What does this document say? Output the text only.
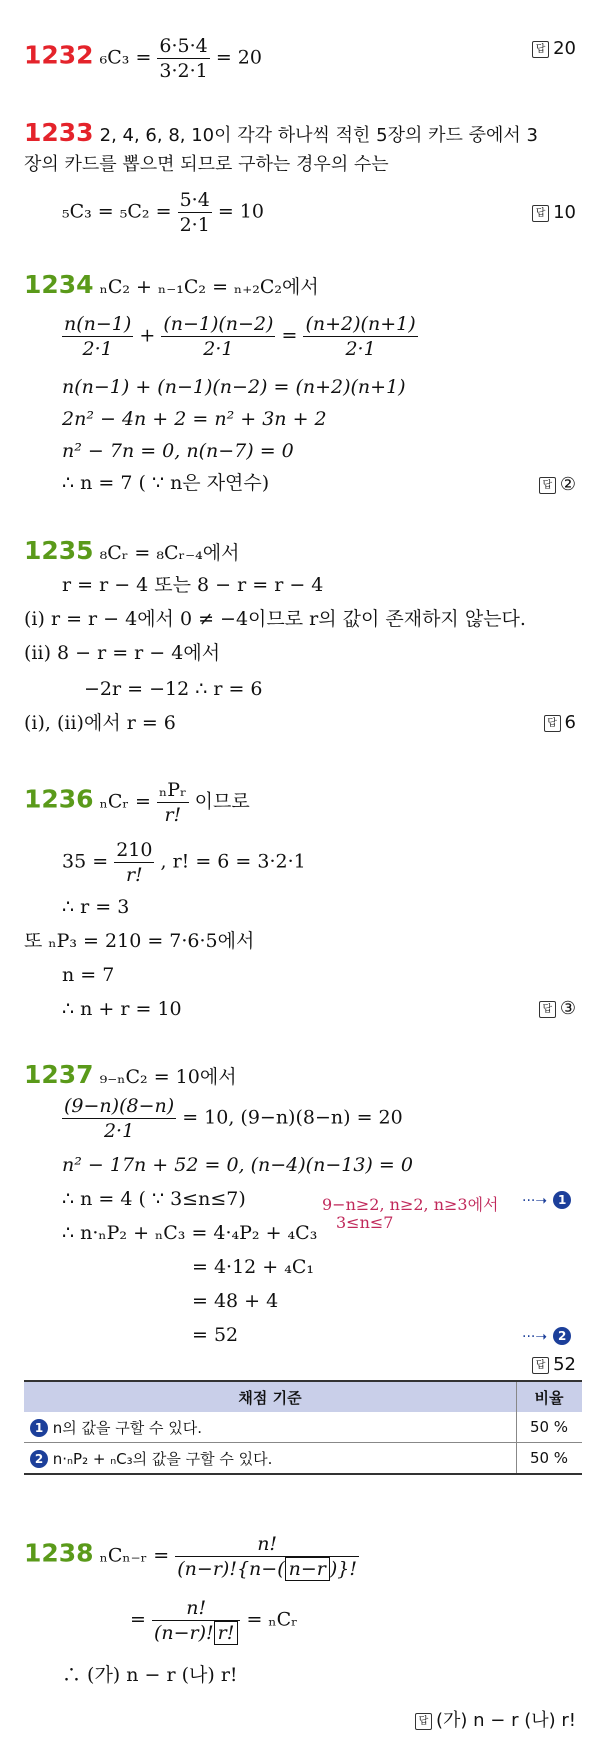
1232 $_6C_3 = \frac{6\cdot 5\cdot 4}{3\cdot 2\cdot 1} = 20$	답 20
1233 2, 4, 6, 8, 10이 각각 하나씩 적힌 5장의 카드 중에서 3
장의 카드를 뽑으면 되므로 구하는 경우의 수는
$_5C_3 = _5C_2 = \frac{5\cdot 4}{2\cdot 1} = 10$	답 10
1234 ₙC₂ + ₙ₋₁C₂ = ₙ₊₂C₂에서
$\frac{n(n-1)}{2\cdot 1} + \frac{(n-1)(n-2)}{2\cdot 1} = \frac{(n+2)(n+1)}{2\cdot 1}$
n(n−1) + (n−1)(n−2) = (n+2)(n+1)
2n² − 4n + 2 = n² + 3n + 2
n² − 7n = 0, n(n−7) = 0
∴ n = 7 ( ∵ n은 자연수)	답 ②
1235 ₈Cᵣ = ₈Cᵣ₋₄에서
r = r − 4 또는 8 − r = r − 4
(ⅰ) r = r − 4에서 0 ≠ −4이므로 r의 값이 존재하지 않는다.
(ⅱ) 8 − r = r − 4에서
−2r = −12 ∴ r = 6
(ⅰ), (ⅱ)에서 r = 6	답 6
1236 ₙCᵣ = $\frac{\text{ₙPᵣ}}{r!}$ 이므로
$35 = \frac{210}{r!}$ , r! = 6 = 3·2·1
∴ r = 3
또 ₙP₃ = 210 = 7·6·5에서
n = 7
∴ n + r = 10	답 ③
1237 ₉₋ₙC₂ = 10에서
$\frac{(9-n)(8-n)}{2\cdot 1} = 10$, (9−n)(8−n) = 20
n² − 17n + 52 = 0, (n−4)(n−13) = 0
∴ n = 4 ( ∵ 3≤n≤7)	9−n≥2, n≥2, n≥3에서
3≤n≤7
···➝ 1
∴ n·ₙP₂ + ₙC₃ = 4·₄P₂ + ₄C₃
= 4·12 + ₄C₁
= 48 + 4
= 52	···➝ 2
답 52
채점 기준	비율
1 n의 값을 구할 수 있다.	50 %
2 n·ₙP₂ + ₙC₃의 값을 구할 수 있다.	50 %
1238 ₙCₙ₋ᵣ = $\frac{n!}{(n-r)!\{n-( n-r )\}!}$
= $\frac{n!}{(n-r)! r!}$ = ₙCᵣ
∴ (가) n − r (나) r!
답 (가) n − r (나) r!
